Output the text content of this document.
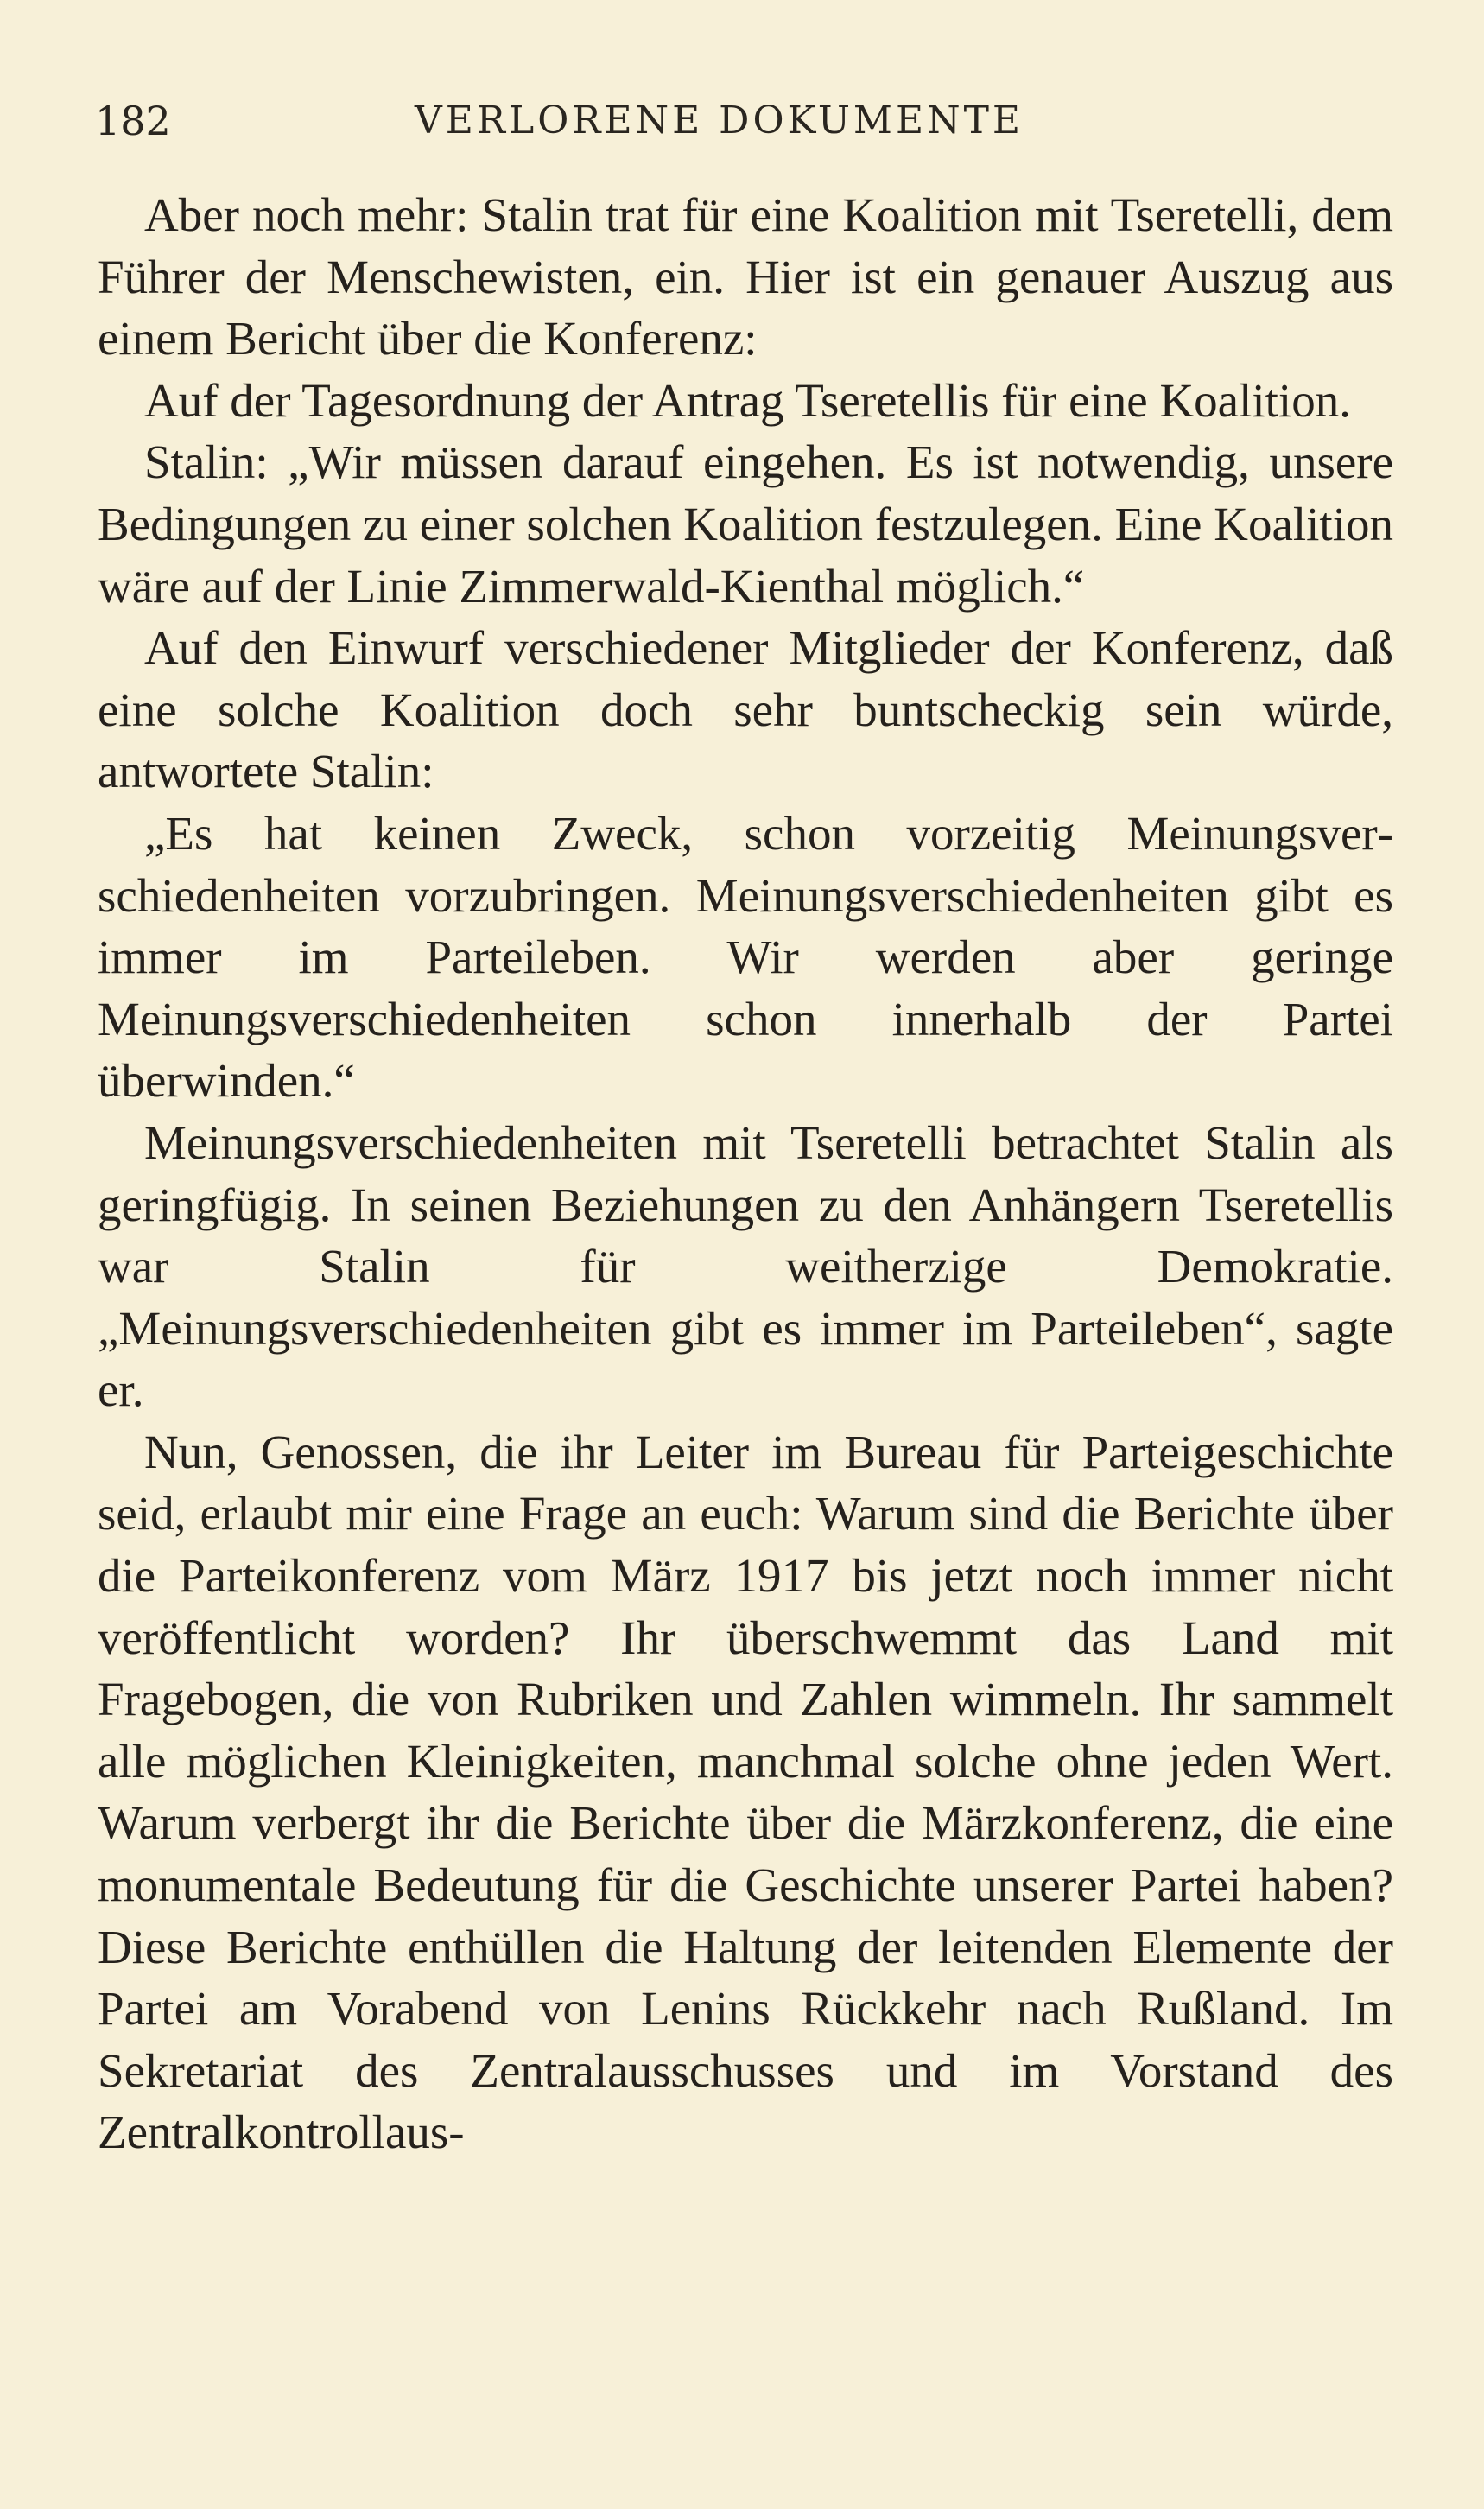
182	VERLORENE DOKUMENTE

Aber noch mehr: Stalin trat für eine Koalition mit Tseretelli, dem Führer der Menschewisten, ein. Hier ist ein genauer Auszug aus einem Bericht über die Konferenz:

Auf der Tagesordnung der Antrag Tseretellis für eine Koalition.

Stalin: „Wir müssen darauf eingehen. Es ist notwendig, unsere Bedingungen zu einer solchen Koalition festzulegen. Eine Koalition wäre auf der Linie Zimmerwald-Kienthal möglich.“

Auf den Einwurf verschiedener Mitglieder der Konferenz, daß eine solche Koalition doch sehr buntscheckig sein würde, antwortete Stalin:

„Es hat keinen Zweck, schon vorzeitig Meinungsverschiedenheiten vorzubringen. Meinungsverschiedenheiten gibt es immer im Parteileben. Wir werden aber geringe Meinungsverschiedenheiten schon innerhalb der Partei überwinden.“

Meinungsverschiedenheiten mit Tseretelli betrachtet Stalin als geringfügig. In seinen Beziehungen zu den Anhängern Tseretellis war Stalin für weitherzige Demokratie. „Meinungsverschiedenheiten gibt es immer im Parteileben“, sagte er.

Nun, Genossen, die ihr Leiter im Bureau für Parteigeschichte seid, erlaubt mir eine Frage an euch: Warum sind die Berichte über die Parteikonferenz vom März 1917 bis jetzt noch immer nicht veröffentlicht worden? Ihr überschwemmt das Land mit Fragebogen, die von Rubriken und Zahlen wimmeln. Ihr sammelt alle möglichen Kleinigkeiten, manchmal solche ohne jeden Wert. Warum verbergt ihr die Berichte über die Märzkonferenz, die eine monumentale Bedeutung für die Geschichte unserer Partei haben? Diese Berichte enthüllen die Haltung der leitenden Elemente der Partei am Vorabend von Lenins Rückkehr nach Rußland. Im Sekretariat des Zentralausschusses und im Vorstand des Zentralkontrollaus-
